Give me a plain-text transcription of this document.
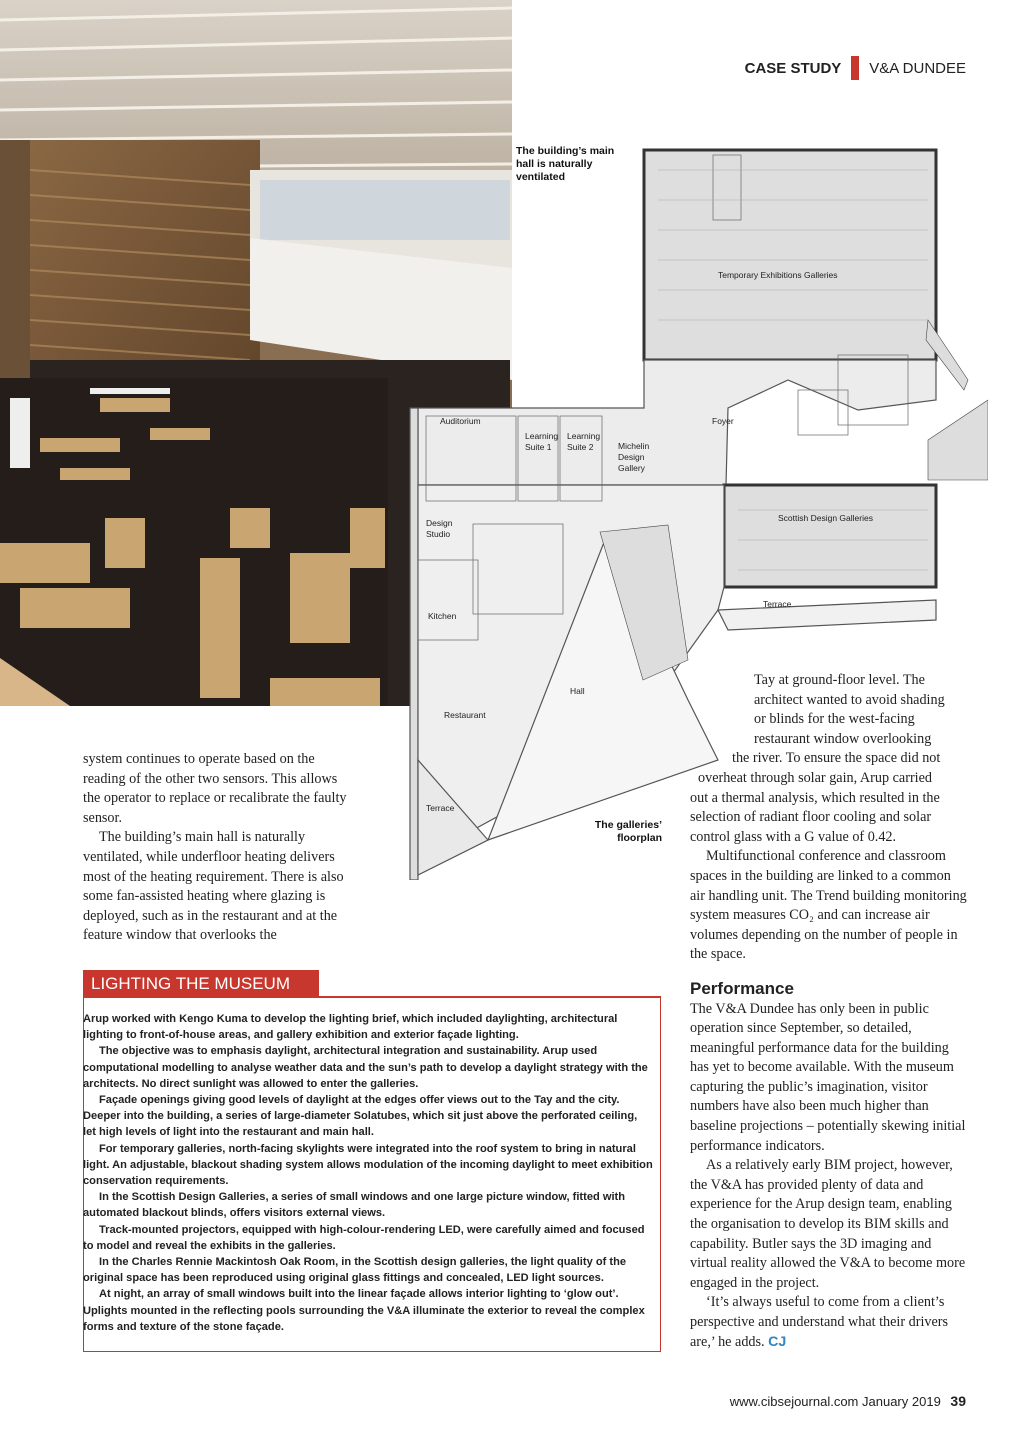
CASE STUDY V&A DUNDEE
The building’s main hall is naturally ventilated
Temporary Exhibitions Galleries
Foyer
Auditorium
Learning
Suite 1
Learning
Suite 2	Michelin
Design
Gallery
Scottish Design Galleries
Design
Studio
Kitchen
Terrace
Hall
Restaurant
Terrace
The galleries’ floorplan

system continues to operate based on the reading of the other two sensors. This allows the operator to replace or recalibrate the faulty sensor.

The building’s main hall is naturally ventilated, while underfloor heating delivers most of the heating requirement. There is also some fan-assisted heating where glazing is deployed, such as in the restaurant and at the feature window that overlooks the

Tay at ground-floor level. The
architect wanted to avoid shading
or blinds for the west-facing
restaurant window overlooking
the river. To ensure the space did not
overheat through solar gain, Arup carried

out a thermal analysis, which resulted in the selection of radiant floor cooling and solar control glass with a G value of 0.42.

Multifunctional conference and classroom spaces in the building are linked to a common air handling unit. The Trend building monitoring system measures CO₂ and can increase air volumes depending on the number of people in the space.

Performance

The V&A Dundee has only been in public operation since September, so detailed, meaningful performance data for the building has yet to become available. With the museum capturing the public’s imagination, visitor numbers have also been much higher than baseline projections – potentially skewing initial performance indicators.

As a relatively early BIM project, however, the V&A has provided plenty of data and experience for the Arup design team, enabling the organisation to develop its BIM skills and capability. Butler says the 3D imaging and virtual reality allowed the V&A to become more engaged in the project.

‘It’s always useful to come from a client’s perspective and understand what their drivers are,’ he adds. CJ

LIGHTING THE MUSEUM

Arup worked with Kengo Kuma to develop the lighting brief, which included daylighting, architectural lighting to front-of-house areas, and gallery exhibition and exterior façade lighting.

The objective was to emphasis daylight, architectural integration and sustainability. Arup used computational modelling to analyse weather data and the sun’s path to develop a daylight strategy with the architects. No direct sunlight was allowed to enter the galleries.

Façade openings giving good levels of daylight at the edges offer views out to the Tay and the city. Deeper into the building, a series of large-diameter Solatubes, which sit just above the perforated ceiling, let high levels of light into the restaurant and main hall.

For temporary galleries, north-facing skylights were integrated into the roof system to bring in natural light. An adjustable, blackout shading system allows modulation of the incoming daylight to meet exhibition conservation requirements.

In the Scottish Design Galleries, a series of small windows and one large picture window, fitted with automated blackout blinds, offers visitors external views.

Track-mounted projectors, equipped with high-colour-rendering LED, were carefully aimed and focused to model and reveal the exhibits in the galleries.

In the Charles Rennie Mackintosh Oak Room, in the Scottish design galleries, the light quality of the original space has been reproduced using original glass fittings and concealed, LED light sources.

At night, an array of small windows built into the linear façade allows interior lighting to ‘glow out’. Uplights mounted in the reflecting pools surrounding the V&A illuminate the exterior to reveal the complex forms and texture of the stone façade.

www.cibsejournal.com January 2019 39
